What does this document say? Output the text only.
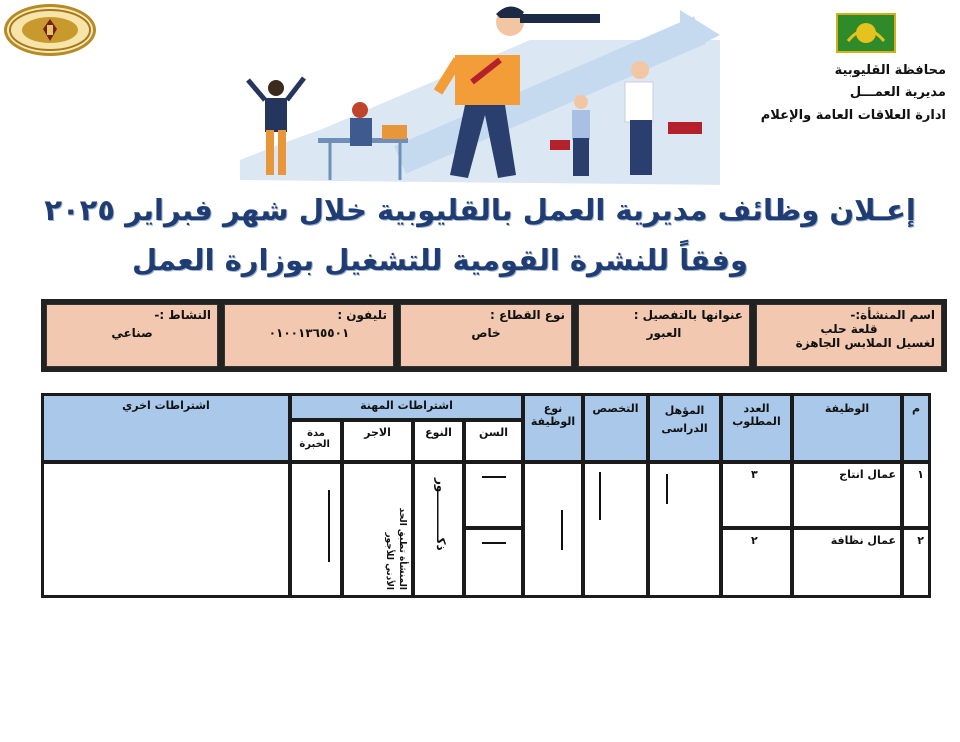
محافظة القليوبية
مديرية العمـــل
ادارة العلاقات العامة والإعلام
إعـلان وظائف مديرية العمل بالقليوبية خلال شهر فبراير ٢٠٢٥
وفقاً للنشرة القومية للتشغيل بوزارة العمل
اسم المنشأة:-
قلعة حلب
لغسيل الملابس الجاهزة
عنوانها بالتفصيل :
العبور
نوع القطاع :
خاص
تليفون :
٠١٠٠١٣٦٥٥٠١
النشاط :-
صناعي
م
الوظيفة
العدد المطلوب
المؤهل الدراسى
التخصص
نوع الوظيفة
اشتراطات المهنة
اشتراطات اخري
السن
النوع
الاجر
مدة الخبرة
١
عمال انتاج
٣
٢
عمال نظافة
٢
ذكـــــــــــور
المنشأة تطبق الحد الأدني للأجور
